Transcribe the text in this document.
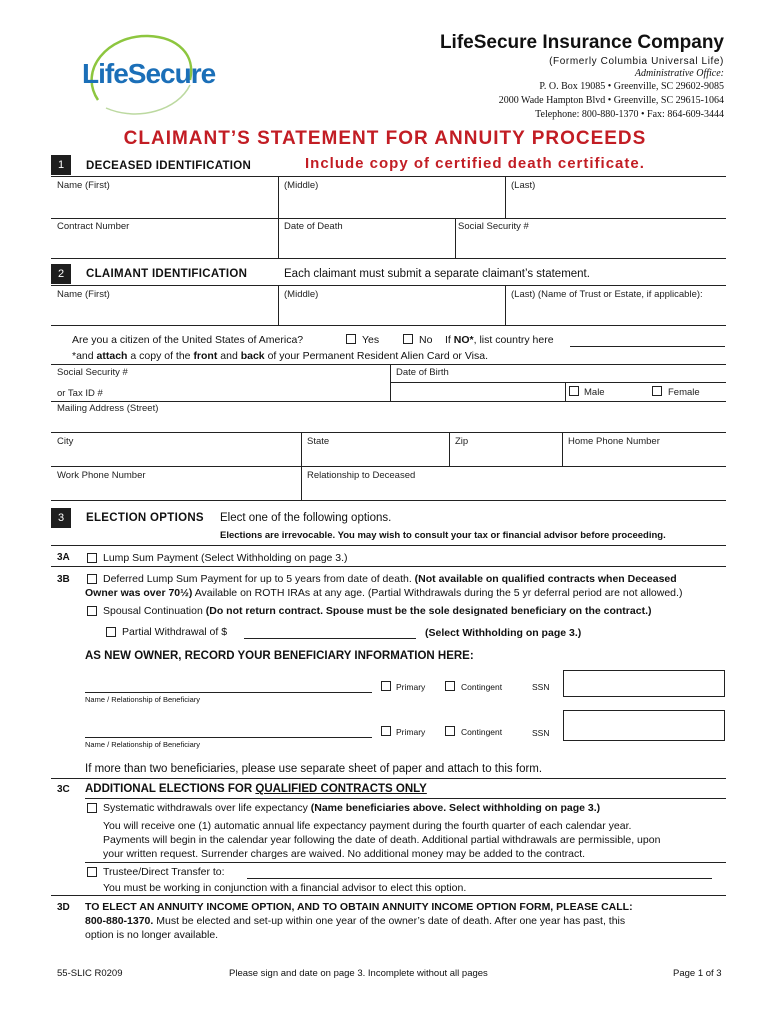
LifeSecure
LifeSecure Insurance Company
(Formerly Columbia Universal Life)
Administrative Office:
P. O. Box 19085 • Greenville, SC 29602-9085
2000 Wade Hampton Blvd • Greenville, SC 29615-1064
Telephone: 800-880-1370 • Fax: 864-609-3444
CLAIMANT’S STATEMENT FOR ANNUITY PROCEEDS
1	DECEASED IDENTIFICATION	Include copy of certified death certificate.
Name (First)	(Middle)	(Last)
Contract Number	Date of Death	Social Security #
2	CLAIMANT IDENTIFICATION	Each claimant must submit a separate claimant’s statement.
Name (First)	(Middle)	(Last) (Name of Trust or Estate, if applicable):
Are you a citizen of the United States of America?	Yes	No If NO*, list country here
*and attach a copy of the front and back of your Permanent Resident Alien Card or Visa.
Social Security #	Date of Birth
or Tax ID #	Male	Female
Mailing Address (Street)
City	State	Zip	Home Phone Number
Work Phone Number	Relationship to Deceased
3	ELECTION OPTIONS Elect one of the following options.
Elections are irrevocable. You may wish to consult your tax or financial advisor before proceeding.
3A	Lump Sum Payment (Select Withholding on page 3.)
3B	Deferred Lump Sum Payment for up to 5 years from date of death. (Not available on qualified contracts when Deceased
Owner was over 70½) Available on ROTH IRAs at any age. (Partial Withdrawals during the 5 yr deferral period are not allowed.)
Spousal Continuation (Do not return contract. Spouse must be the sole designated beneficiary on the contract.)
Partial Withdrawal of $	(Select Withholding on page 3.)
AS NEW OWNER, RECORD YOUR BENEFICIARY INFORMATION HERE:
Primary	Contingent	SSN
Name / Relationship of Beneficiary
Primary	Contingent	SSN
Name / Relationship of Beneficiary
If more than two beneficiaries, please use separate sheet of paper and attach to this form.
3C ADDITIONAL ELECTIONS FOR QUALIFIED CONTRACTS ONLY
Systematic withdrawals over life expectancy (Name beneficiaries above. Select withholding on page 3.)
You will receive one (1) automatic annual life expectancy payment during the fourth quarter of each calendar year.
Payments will begin in the calendar year following the date of death. Additional partial withdrawals are permissible, upon
your written request. Surrender charges are waived. No additional money may be added to the contract.
Trustee/Direct Transfer to:
You must be working in conjunction with a financial advisor to elect this option.
3D TO ELECT AN ANNUITY INCOME OPTION, AND TO OBTAIN ANNUITY INCOME OPTION FORM, PLEASE CALL:
800-880-1370. Must be elected and set-up within one year of the owner’s date of death. After one year has past, this
option is no longer available.
55-SLIC R0209	Please sign and date on page 3. Incomplete without all pages	Page 1 of 3
